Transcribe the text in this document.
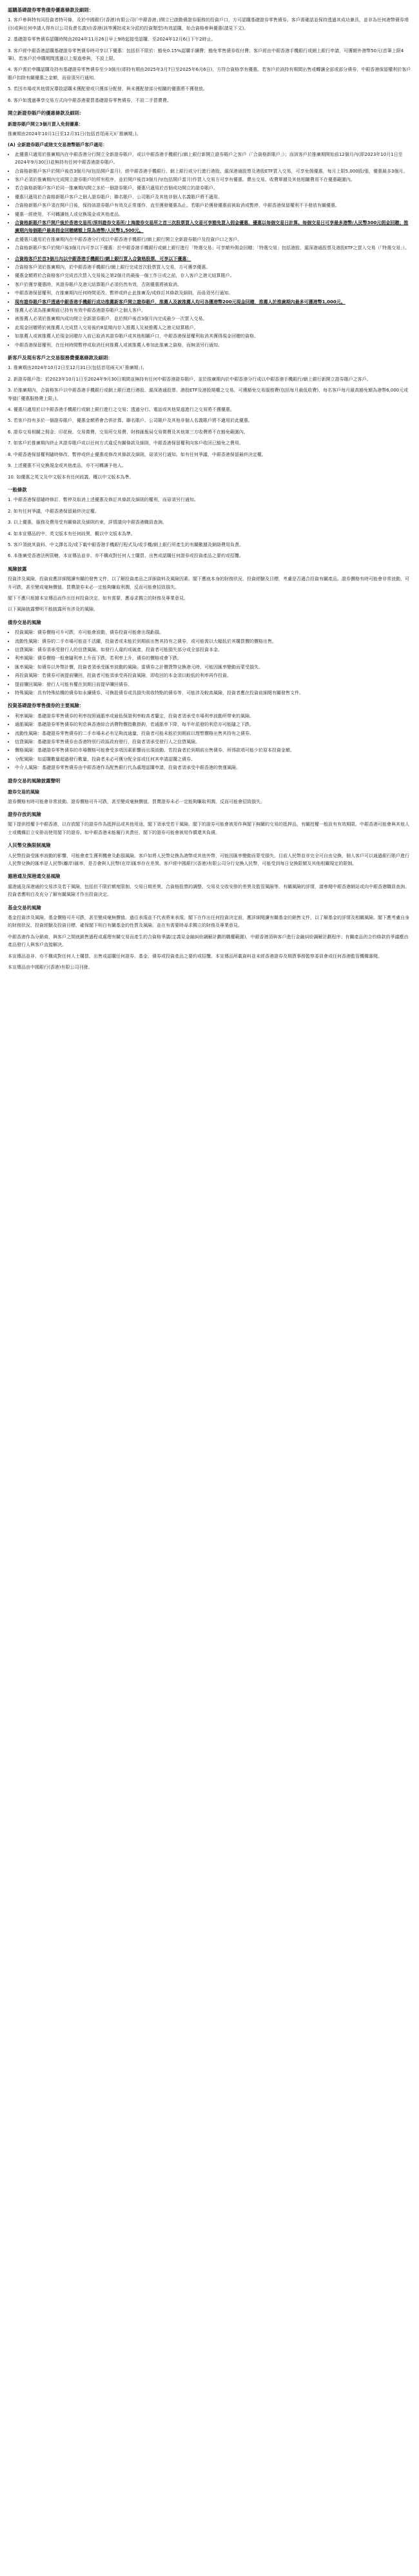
認購基礎證券零售債券優惠條款及細則：

1. 客戶參與特有同投資者特可條，及於中國銀行(香港)有限公司(「中銀香港」)開立已啟動債證券服務的投資戶口，方可認購基礎證券零售債券。客戶需確認並保持透過其成功兼具，並非為任何港幣債券項目(或與任何申請人得有以公司負責名義)由香港(該等獲批或未分派的投資類型)有效認購，始合資格參與優惠(請見下文)。

2. 基礎證券零售債券認購時間由2024年11月26日早上9時起接受認購，至2024年12月6日下午2時止。

3. 客戶經中銀香港認購基礎證券零售債券時可享以下優惠：包括但不限於：豁免0.15%認購手續費；豁免零售債券收付費；客戶經由中銀香港手機銀行或網上銀行申請，可獲額外港幣50元(首筆上限4筆)。若客戶於申購期間透過以上渠道參與，不設上限。

4. 客戶需於申購認購及持有基礎證券零售債券至少3個月(即持有期由2025年3月7日至2025年6月6日)，方符合資格享有優惠。若客戶於該持有期間出售或轉讓全部或部分債券，中銀香港保留權利於客戶賬戶扣除有關優惠之金額，而毋須另行通知。

5. 若因市場或其他情況導致認購未獲配發或只獲部分配發，與未獲配發部分相關的優惠將不獲發放。

6. 客戶如透過專享交易方式向中銀香港要買基礎證券零售債券，不設二手買賣費。

開立新證券賬戶的優惠條款及細則：
新證券賬戶開立3個月買入免佣優惠：

推廣期由2024年10月1日至12月31日(包括首尾兩天)(「推廣期」)。

(A) 全新證券賬戶或陸支交易港幣賬戶客戶適用：
• 此優惠只適用於推廣期內在中銀香港分行開立全新證券賬戶，或以中銀香港手機銀行/網上銀行新開立證券賬戶之客戶（「合資格新賬戶」）；而該客戶於推廣期開始前12個月內(即2023年10月1日至2024年9月30日)並無持有任何中銀香港證券賬戶。
• 合資格新賬戶客戶於開戶後首3個月內(包括開戶當月)，經中銀香港手機銀行、網上銀行或分行進行港股、滬深港通股票及港股ETF買入交易，可享免佣優惠，每月上限5,000股/張，優惠最多3個月。
• 客戶必須於推廣期內完成開立證券賬戶的所有程序，並於開戶後首3個月內(包括開戶當月)作買入交易方可享有優惠。賣出交易、收費單據及其他相關費用不在優惠範圍內。
• 若合資格新賬戶客戶於同一推廣期內開立多於一個證券賬戶，優惠只適用於首個成功開立的證券賬戶。
• 優惠只適用於合資格新賬戶客戶之個人證券賬戶；聯名賬戶、公司賬戶及其他非個人名義賬戶將不適用。
• 合資格新賬戶客戶須在開戶日後，保持該證券賬戶有效及正常運作，直至獲發優惠為止。若賬戶於獲發優惠前被取消或暫停，中銀香港保留權利不予發放有關優惠。
• 優惠一經使用，不可轉讓他人或兌換現金或其他產品。
• 合資格新賬戶客戶開戶後於香港交易所/深圳證券交易所/上海證券交易所之首三次股票買入交易可享豁免買入佣金優惠，優惠以每個交易日計算。每個交易日可享最多港幣/人民幣300元佣金回贈；推廣期內每個賬戶最高佣金回贈總額上限為港幣/人民幣1,500元。
• 此優惠只適用於在推廣期內在中銀香港分行或以中銀香港手機銀行/網上銀行開立全新證券賬戶及投資戶口之客戶。
• 合資格新賬戶客戶於開戶後3個月內可享以下優惠：於中銀香港手機銀行或網上銀行進行「特選交易」可享額外佣金回贈；「特選交易」包括港股、滬深港通股票及港股ETF之買入交易（「特選交易」）。
• 合資格客戶於首3個月內以中銀香港手機銀行/網上銀行買入合資格股票，可享以下優惠：
• 合資格客戶須於推廣期內，於中銀香港手機銀行/網上銀行完成首次股票買入交易，方可獲享優惠。
• 優惠金額將於合資格客戶完成首次買入交易後之第2個月的最後一個工作日或之前，存入客戶之港元結算賬戶。
• 客戶於獲享優惠時，其證券賬戶及港元結算賬戶必須仍然有效，否則優惠將被取消。
• 中銀香港保留權利，在推廣期內任何時間更改、暫停或終止此推廣及/或修訂其條款及細則，而毋須另行通知。
• 現有證券賬戶客戶透過中銀香港手機銀行成功推薦新客戶開立證券賬戶，推薦人及被推薦人均可各獲港幣200元現金回贈，推薦人於推廣期內最多可獲港幣1,000元。
• 推薦人必須為推廣期前已持有有效中銀香港證券賬戶之個人客戶。
• 被推薦人必須於推廣期內成功開立全新證券賬戶，並於開戶後首3個月內完成最少一次買入交易。
• 此現金回贈將於被推薦人完成買入交易後約8星期內存入推薦人及被推薦人之港元結算賬戶。
• 如推薦人或被推薦人於現金回贈存入前已取消其證券賬戶或其他相關戶口，中銀香港保留權利取消其獲得現金回贈的資格。
• 中銀香港保留權利，在任何時間暫停或取消任何推薦人或被推薦人參加此推廣之資格，而無須另行通知。
新客戶及現有客戶之交易服務費優惠條款及細則：

1. 推廣期由2024年10月2日至12月31日(包括首尾兩天)(「推廣期」)。

2. 新證券賬戶指：於2023年10月1日至2024年9月30日期間並無持有任何中銀香港證券賬戶，並於推廣期內於中銀香港分行或以中銀香港手機銀行/網上銀行新開立證券賬戶之客戶。

3. 於推廣期內，合資格客戶以中銀香港手機銀行或網上銀行進行港股、滬深港通股票、港股ETF及港股期權之交易，可獲豁免交易服務費(包括每月最低收費)，每名客戶每月最高豁免額為港幣6,000元或等值(「優惠服務費上限」)。

4. 優惠只適用於以中銀香港手機銀行或網上銀行進行之交易；透過分行、電話或其他渠道進行之交易將不獲優惠。

5. 若客戶持有多於一個證券賬戶，優惠金額將會合併計算。聯名賬戶、公司賬戶及其他非個人名義賬戶將不適用於此優惠。

6. 證券交易相關之佣金、印花稅、交易徵費、交易所交易費、財務匯報局交易徵費及其他第三方收費將不在豁免範圍內。

7. 如客戶於推廣期內終止其證券賬戶或以任何方式違反有關條款及細則，中銀香港保留權利向客戶收回已豁免之費用。

8. 中銀香港保留權利隨時修改、暫停或終止優惠或修改其條款及細則，毋須另行通知。如有任何爭議，中銀香港保留最終決定權。

9. 上述優惠不可兌換現金或其他產品，亦不可轉讓予他人。

10. 如優惠之英文及中文版本有任何歧義，概以中文版本為準。

一般條款

1. 中銀香港保留隨時修訂、暫停及取消上述優惠及修訂其條款及細則的權利，而毋須另行通知。

2. 如有任何爭議，中銀香港保留最終決定權。

3. 以上優惠，服務及費用受有關條款及細則約束，詳情請向中銀香港職員查詢。

4. 如本宣傳品的中、英文版本有任何歧異，概以中文版本為準。

5. 客戶須就其資料、中文譯名及/或下載中銀香港手機銀行程式及/或手機/網上銀行所產生的有關數據及網絡費用負責。

6. 本推廣受香港法例管轄。本宣傳品並非、亦不構成對任何人士購買、出售或認購任何證券或投資產品之要約或招攬。

風險披露

投資涉及風險，投資前應詳細閱讀有關的發售文件，以了解投資產品之詳細資料及風險因素。閣下應就本身的財務狀況、投資經驗及目標，考慮是否適合投資有關產品。證券價格有時可能會非常波動，可升可跌，甚至變成毫無價值。買賣證券未必一定能夠賺取利潤，反而可能會招致損失。

閣下不應只根據本宣傳品而作出任何投資決定，如有需要，應尋求獨立的財務及專業意見。

以下風險披露聲明不能披露所有涉及的風險。

債券交易的風險
• 投資風險：債券價格可升可跌，亦可能會波動，債券投資可能會出現虧損。
• 流動性風險：債券的二手市場可能並不活躍，投資者或未能於到期前出售其持有之債券，或可能需以大幅低於其購買價的價格出售。
• 信貸風險：債券須承受發行人的信貸風險。如發行人違約或破產，投資者可能損失部分或全部投資本金。
• 利率風險：債券價格一般會隨利率上升而下跌。若利率上升，債券的價格或會下跌。
• 匯率風險：如債券以外幣計價，投資者須承受匯率波動的風險。當債券之計價貨幣兌換港元時，可能因匯率變動而蒙受損失。
• 再投資風險：若債券可被提前贖回，投資者可能須承受再投資風險，即收回的本金須以較低的利率再作投資。
• 提前贖回風險：發行人可能有權在到期日前提早贖回債券。
• 特殊風險：具有特殊結構的債券如永續債券、可換股債券或具損失吸收特點的債券等，可能涉及較高風險，投資者應在投資前細閱有關發售文件。
投資基礎證券零售債券的主要風險：
• 利率風險：基礎證券零售債券的利率按照通脹率或最低保證利率較高者釐定，投資者須承受市場利率波動所帶來的風險。
• 通脹風險：基礎證券零售債券的利息與香港綜合消費物價指數掛鈎，若通脹率下降，每半年派發的利息亦可能隨之下跌。
• 流動性風險：基礎證券零售債券的二手市場未必有足夠流通量，投資者可能未能於到期前以理想價格出售其持有之債券。
• 信貸風險：基礎證券零售債券由香港特別行政區政府發行，投資者須承受發行人之信貸風險。
• 價格風險：基礎證券零售債券的市場價格可能會受多項因素影響而出現波動。若投資者於到期前出售債券，所得款項可能少於原本投資金額。
• 分配風險：如認購數量超過發行數量，投資者未必可獲分配全部或任何其申請認購之債券。
• 中介人風險：基礎證券零售債券由中銀香港作為配售銀行代為處理認購申請，投資者須承受中銀香港的營運風險。
證券交易的風險披露聲明
證券交易的風險

證券價格有時可能會非常波動。證券價格可升可跌，甚至變成毫無價值。買賣證券未必一定能夠賺取利潤，反而可能會招致損失。

證券存放的風險

閣下提供授權予中銀香港，以存放閣下的證券作為抵押品或其他用途，閣下須承受若干風險。閣下的證券可能會被用作與閣下無關的交易的抵押品，有關授權一般設有有效期限。中銀香港可能會與其他人士或機構訂立安排而使用閣下的證券。如中銀香港未能履行其責任，閣下的證券可能會被用作償還其負債。

人民幣兌換限制風險

人民幣投資受匯率波動的影響，可能會產生獲利機會及虧損風險。客戶如將人民幣兌換為港幣或其他外幣，可能因匯率變動而蒙受損失。目前人民幣並非完全可自由兌換，個人客戶可以通過銀行賬戶進行人民幣兌換的匯率是人民幣(離岸)匯率，是否會與人民幣(在岸)匯率存在差異。客戶經中國銀行(香港)有限公司分行兌換人民幣，可能受到每日兌換限額及其他相關規定的限制。

滬港通及深港通交易風險

滬港通及深港通的交易涉及若干風險，包括但不限於額度限制、交易日期差異、合資格股票的調整、交易及交收安排的差異及監管風險等。有關風險的詳情，請參閱中銀香港網站或向中銀香港職員查詢。投資者應明白及充分了解有關風險才作出投資決定。

基金交易的風險

基金投資涉及風險。基金價格可升可跌，甚至變成毫無價值。過往表現並不代表將來表現。閣下在作出任何投資決定前，應詳細閱讀有關基金的銷售文件，以了解基金的詳情及相關風險。閣下應考慮自身的財務狀況、投資經驗及投資目標，確保閣下明白有關基金的性質及風險，並在有需要時尋求獨立的財務及專業意見。

中銀香港作為分銷商，與客戶之間就銷售過程或處理有關交易而產生的合資格爭議(定義見金融糾紛調解計劃的職權範圍)，中銀香港須與客戶進行金融糾紛調解計劃程序；有關產品的合約條款的爭議應由產品發行人與客戶直接解決。

本宣傳品並非、亦不構成對任何人士購買、出售或認購任何證券、基金、債券或投資產品之要約或招攬。本宣傳品所載資料並未經香港證券及期貨事務監察委員會或任何香港監管機構審閱。

本宣傳品由中國銀行(香港)有限公司刊發。
